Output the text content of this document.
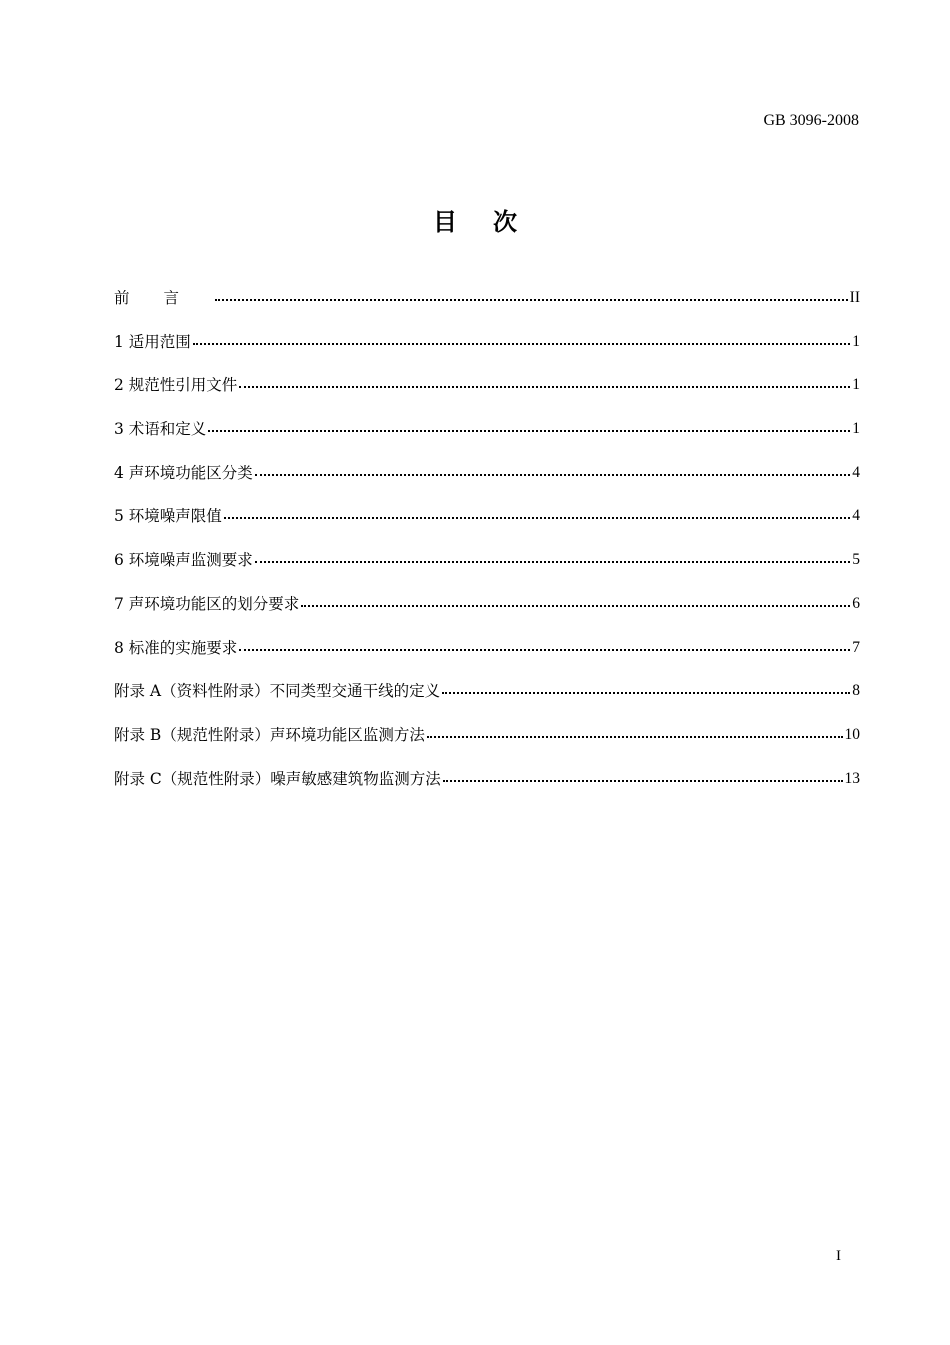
GB 3096-2008
目 次
前言	II
1 适用范围	1
2 规范性引用文件	1
3 术语和定义	1
4 声环境功能区分类	4
5 环境噪声限值	4
6 环境噪声监测要求	5
7 声环境功能区的划分要求	6
8 标准的实施要求	7
附录 A（资料性附录）不同类型交通干线的定义	8
附录 B（规范性附录）声环境功能区监测方法	10
附录 C（规范性附录）噪声敏感建筑物监测方法	13
I
